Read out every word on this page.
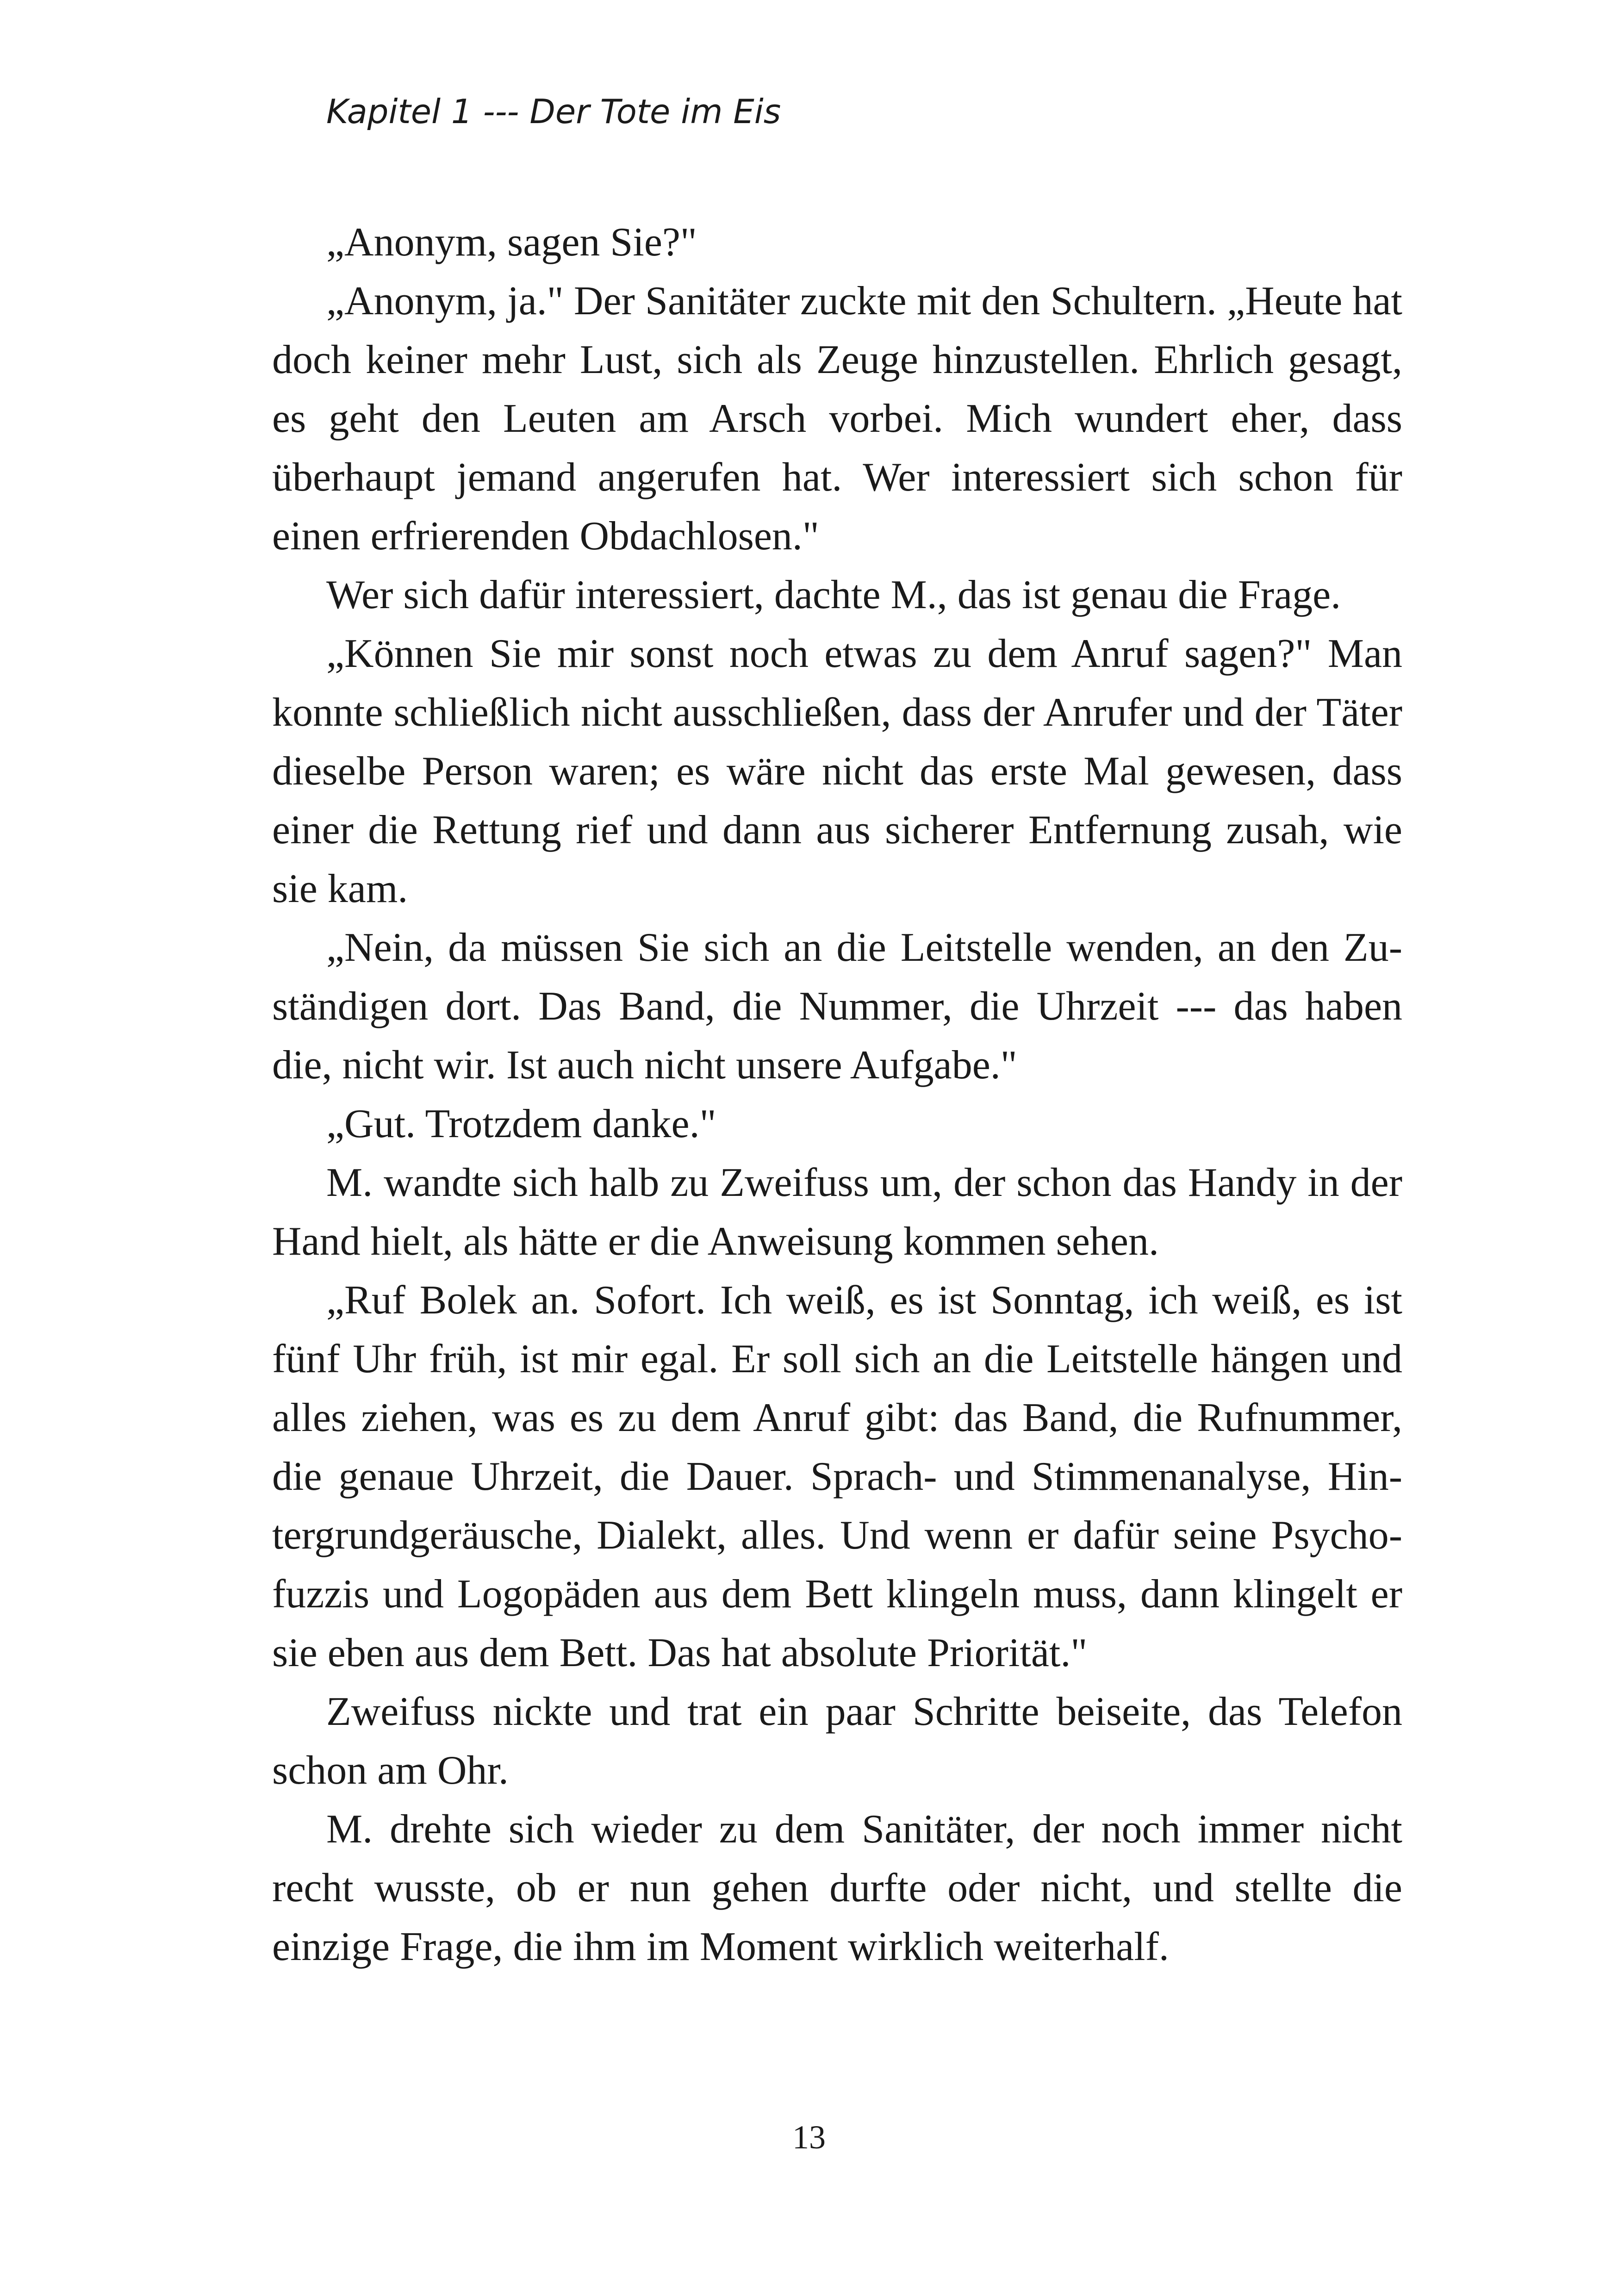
Kapitel 1 --- Der Tote im Eis

„Anonym, sagen Sie?"

„Anonym, ja." Der Sanitäter zuckte mit den Schultern. „Heute hat doch keiner mehr Lust, sich als Zeuge hinzustellen. Ehrlich gesagt, es geht den Leuten am Arsch vorbei. Mich wundert eher, dass überhaupt jemand angerufen hat. Wer interessiert sich schon für einen erfrierenden Obdachlosen."

Wer sich dafür interessiert, dachte M., das ist genau die Frage.

„Können Sie mir sonst noch etwas zu dem Anruf sagen?" Man konnte schließlich nicht ausschließen, dass der Anrufer und der Täter dieselbe Person waren; es wäre nicht das erste Mal gewesen, dass einer die Rettung rief und dann aus sicherer Entfernung zusah, wie sie kam.

„Nein, da müssen Sie sich an die Leitstelle wenden, an den Zuständigen dort. Das Band, die Nummer, die Uhrzeit --- das haben die, nicht wir. Ist auch nicht unsere Aufgabe."

„Gut. Trotzdem danke."

M. wandte sich halb zu Zweifuss um, der schon das Handy in der Hand hielt, als hätte er die Anweisung kommen sehen.

„Ruf Bolek an. Sofort. Ich weiß, es ist Sonntag, ich weiß, es ist fünf Uhr früh, ist mir egal. Er soll sich an die Leitstelle hängen und alles ziehen, was es zu dem Anruf gibt: das Band, die Rufnummer, die genaue Uhrzeit, die Dauer. Sprach- und Stimmenanalyse, Hintergrundgeräusche, Dialekt, alles. Und wenn er dafür seine Psychofuzzis und Logopäden aus dem Bett klingeln muss, dann klingelt er sie eben aus dem Bett. Das hat absolute Priorität."

Zweifuss nickte und trat ein paar Schritte beiseite, das Telefon schon am Ohr.

M. drehte sich wieder zu dem Sanitäter, der noch immer nicht recht wusste, ob er nun gehen durfte oder nicht, und stellte die einzige Frage, die ihm im Moment wirklich weiterhalf.

13
